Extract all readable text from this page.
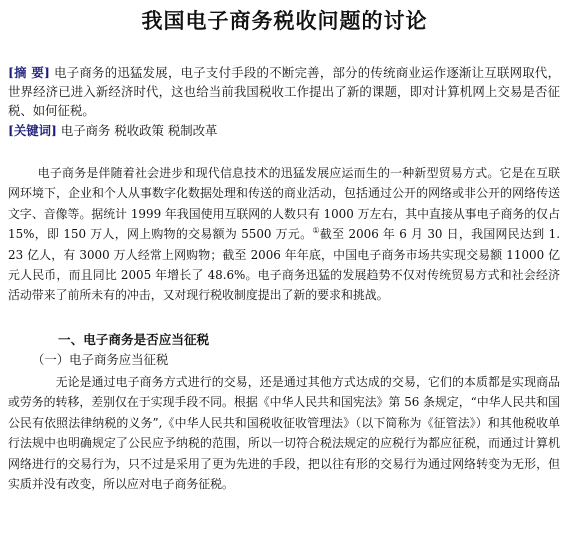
我国电子商务税收问题的讨论
[摘 要] 电子商务的迅猛发展，电子支付手段的不断完善，部分的传统商业运作逐渐让互联网取代，世界经济已进入新经济时代，这也给当前我国税收工作提出了新的课题，即对计算机网上交易是否征税、如何征税。
[关键词] 电子商务 税收政策 税制改革
电子商务是伴随着社会进步和现代信息技术的迅猛发展应运而生的一种新型贸易方式。它是在互联网环境下，企业和个人从事数字化数据处理和传送的商业活动，包括通过公开的网络或非公开的网络传送文字、音像等。据统计 1999 年我国使用互联网的人数只有 1000 万左右，其中直接从事电子商务的仅占 15%，即 150 万人，网上购物的交易额为 5500 万元。①截至 2006 年 6 月 30 日，我国网民达到 1. 23 亿人，有 3000 万人经常上网购物；截至 2006 年年底，中国电子商务市场共实现交易额 11000 亿元人民币，而且同比 2005 年增长了 48.6%。电子商务迅猛的发展趋势不仅对传统贸易方式和社会经济活动带来了前所未有的冲击，又对现行税收制度提出了新的要求和挑战。
一、电子商务是否应当征税
（一）电子商务应当征税
无论是通过电子商务方式进行的交易，还是通过其他方式达成的交易，它们的本质都是实现商品或劳务的转移，差别仅在于实现手段不同。根据《中华人民共和国宪法》第 56 条规定，“中华人民共和国公民有依照法律纳税的义务”,《中华人民共和国税收征收管理法》（以下简称为《征管法》）和其他税收单行法规中也明确规定了公民应予纳税的范围，所以一切符合税法规定的应税行为都应征税，而通过计算机网络进行的交易行为，只不过是采用了更为先进的手段，把以往有形的交易行为通过网络转变为无形，但实质并没有改变，所以应对电子商务征税。
